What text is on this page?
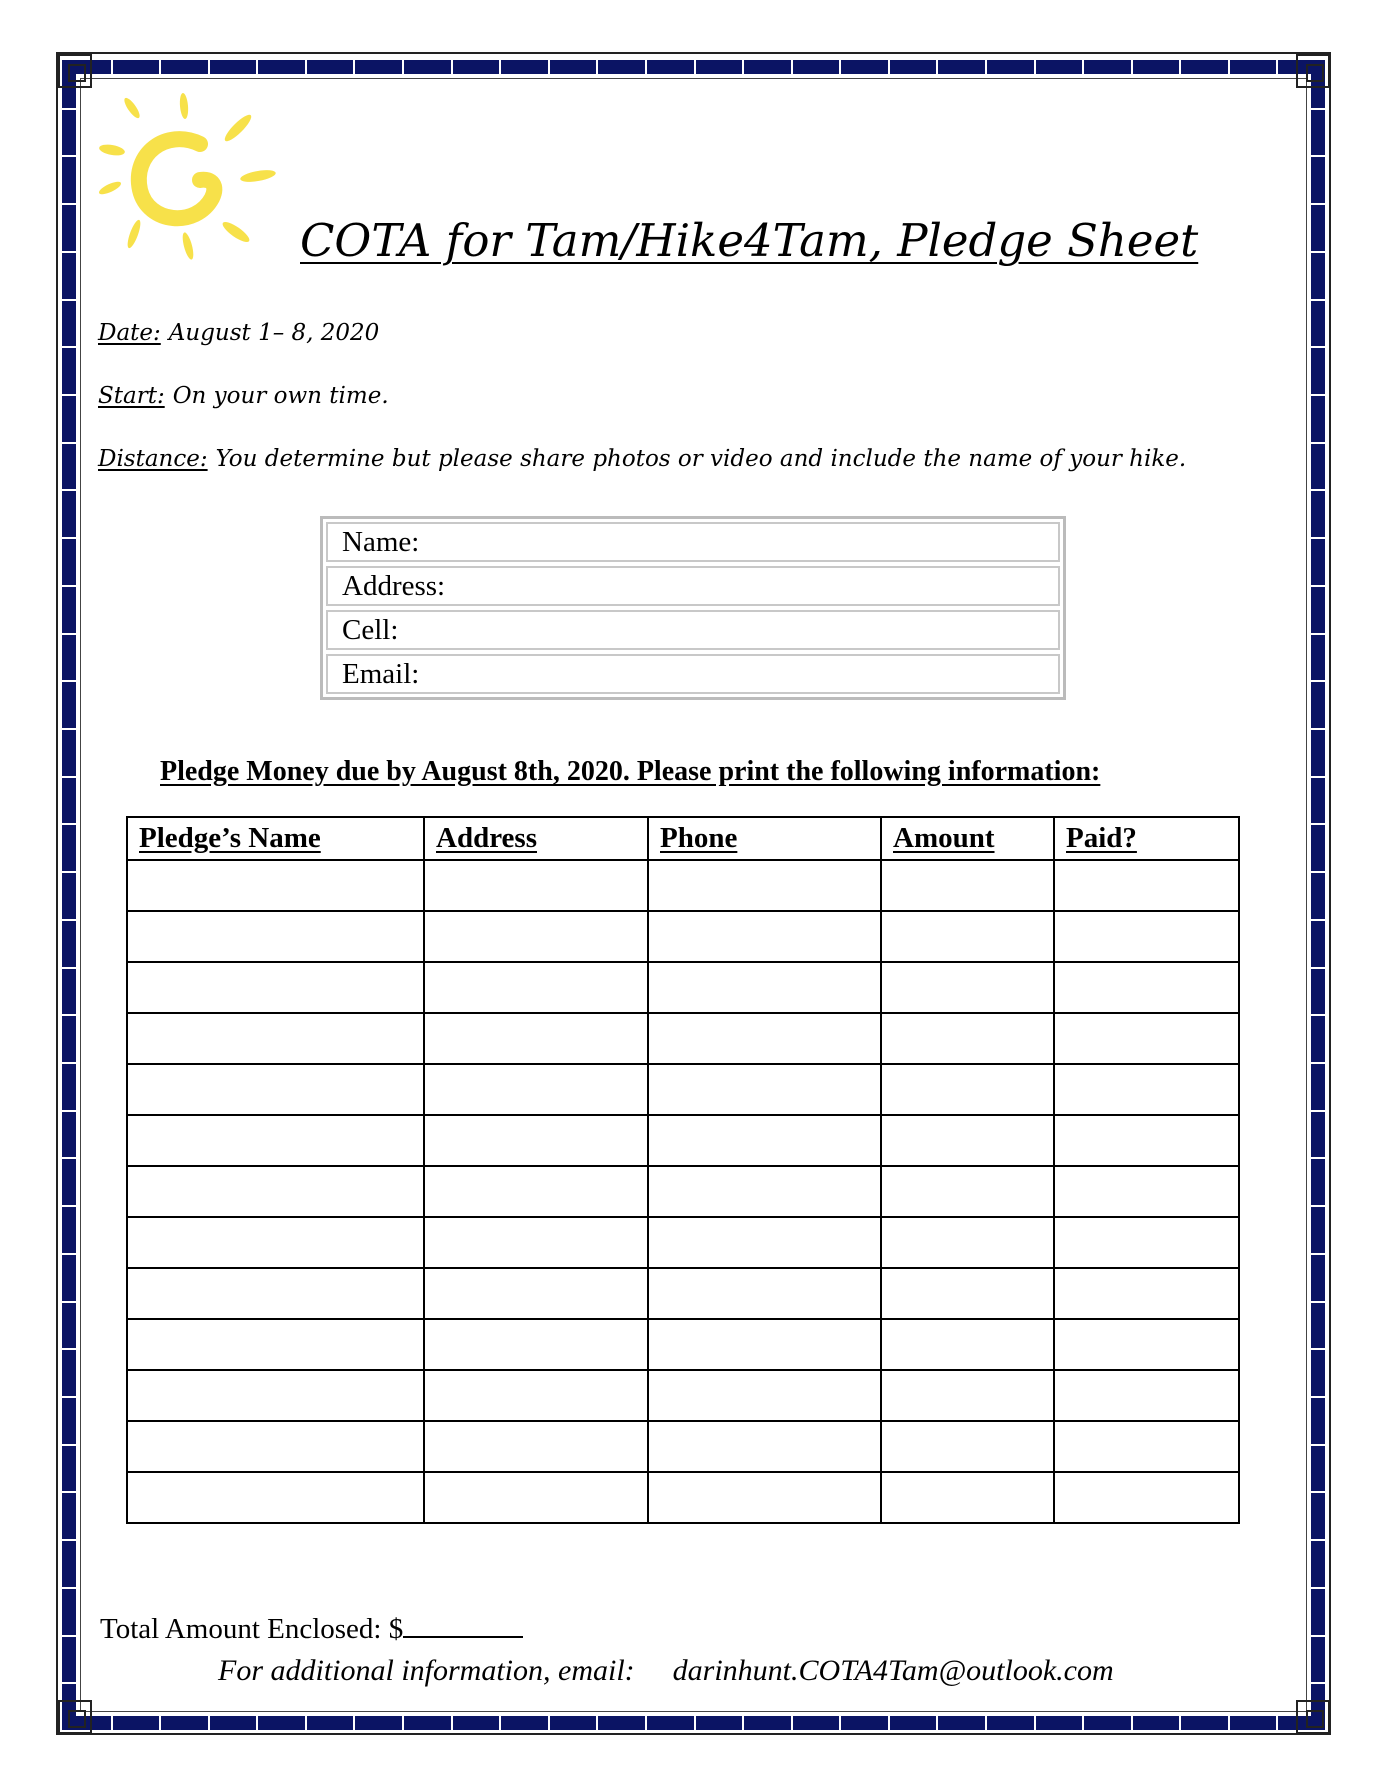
COTA for Tam/Hike4Tam, Pledge Sheet
Date: August 1– 8, 2020
Start: On your own time.
Distance: You determine but please share photos or video and include the name of your hike.
Name:
Address:
Cell:
Email:
Pledge Money due by August 8th, 2020. Please print the following information:
Pledge’s Name	Address	Phone	Amount	Paid?

Total Amount Enclosed: $
For additional information, email: darinhunt.COTA4Tam@outlook.com
